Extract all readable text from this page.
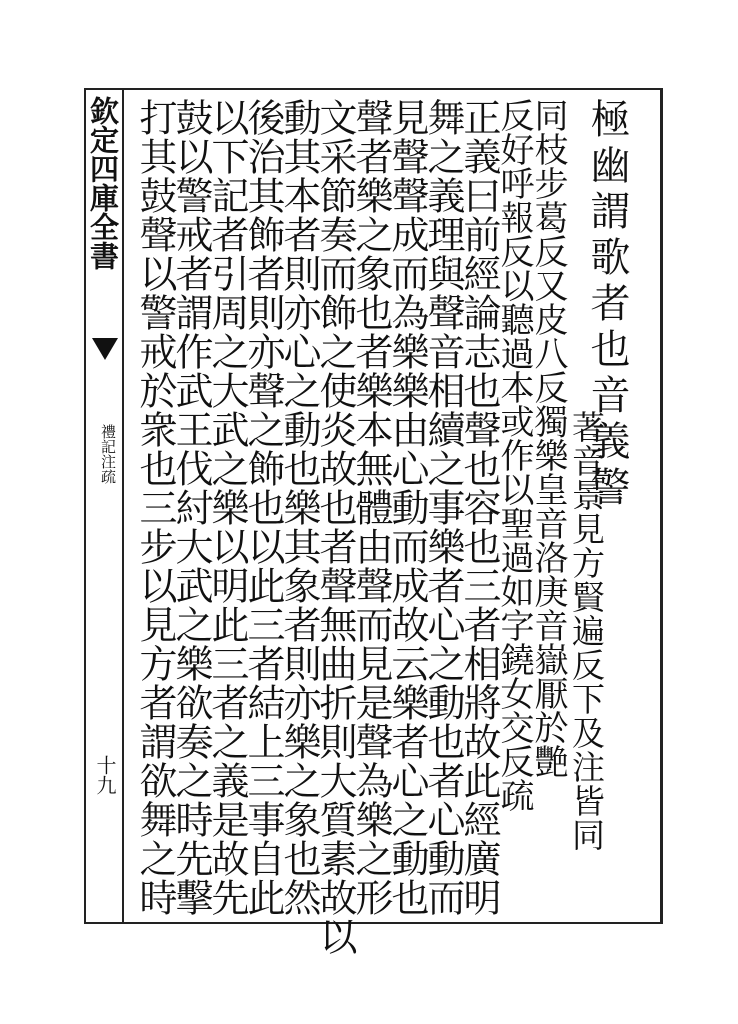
欽定四庫全書
禮記注疏
十九
極幽謂歌者也音義警
著音景見方賢遍反下及注皆同
同枝步葛反又皮八反獨樂皇音洛庚音嶽厭於艷
反好呼報反以聽過本或作以聖過如字鐃女交反疏
正義曰前經論志也聲也容也三者相將故此經廣明
舞之義理與聲音相續之事樂者心之動也者心動而
見聲聲成而為樂樂由心動而成故云樂者心之動也
聲者樂之象也者樂本無體由聲而見是聲為樂之形
文采節奏而飾之使炎故也者聲無曲折則大質素故以
動其本者則亦心之動也樂其象者則亦樂之象也然
後治其飾者則亦聲之飾也以此三者結上三事自此
以下記者引周之大武之樂以明此三者之義是故先
鼓以警戒者謂作武王伐紂大武之樂欲奏之時先擊
打其鼓聲以警戒於衆也三步以見方者謂欲舞之時
